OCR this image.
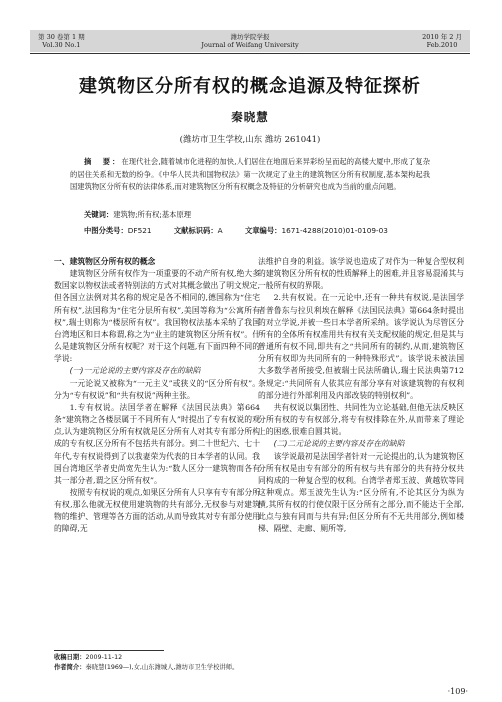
第 30 卷第 1 期
Vol.30 No.1
潍坊学院学报
Journal of Weifang University
2010 年 2 月
Feb.2010
建筑物区分所有权的概念追源及特征探析
秦晓慧
(潍坊市卫生学校,山东 潍坊 261041)
摘　要：在现代社会,随着城市化进程的加快,人们居住在地面后来异彩纷呈而起的高楼大厦中,形成了复杂的居住关系和无数的纷争。《中华人民共和国物权法》第一次规定了业主的建筑物区分所有权制度,基本架构起我国建筑物区分所有权的法律体系,而对建筑物区分所有权概念及特征的分析研究也成为当前的重点问题。
关键词：建筑物;所有权;基本原理
中图分类号：DF521	文献标识码：A	文章编号：1671-4288(2010)01-0109-03

一、建筑物区分所有权的概念

建筑物区分所有权作为一项重要的不动产所有权,绝大多数国家以物权法或者特别法的方式对其概念做出了明文规定,但各国立法例对其名称的规定是各不相同的,德国称为“住宅所有权”,法国称为“住宅分层所有权”,美国等称为“公寓所有权”,瑞士则称为“楼层所有权”。我国物权法基本采纳了我国台湾地区和日本称谓,称之为“业主的建筑物区分所有权”。什么是建筑物区分所有权呢？对于这个问题,有下面四种不同的学说:

(一)一元论说的主要内容及存在的缺陷

一元论说又被称为“一元主义”或狭义的“区分所有权”。分为“专有权说”和“共有权说”两种主张。

1.专有权说。法国学者在解释《法国民法典》第664条“建筑物之各楼层属于不同所有人”时提出了专有权说的观点,认为建筑物区分所有权就是区分所有人对其专有部分所构成的专有权,区分所有不包括共有部分。到二十世纪六、七十年代,专有权说得到了以我妻荣为代表的日本学者的认同。我国台湾地区学者史尚宽先生认为:“数人区分一建筑物而各有其一部分者,谓之区分所有权”。

按照专有权说的观点,如果区分所有人只享有专有部分所有权,那么他就无权使用建筑物的共有部分,无权参与对建筑物的维护、管理等各方面的活动,从而导致其对专有部分使用的障碍,无

法维护自身的利益。该学说也造成了对作为一种复合型权利的建筑物区分所有权的性质解释上的困难,并且容易混淆其与一般所有权的界限。

2.共有权说。在一元论中,还有一种共有权说,是法国学者普鲁东与拉贝利埃在解释《法国民法典》第664条时提出的对立学说,并被一些日本学者所采纳。该学说认为尽管区分所有的全体所有权准用共有权有关支配权能的规定,但是其与普通所有权不同,即共有之“共同所有的制约,从而,建筑物区分所有权即为共同所有的一种特殊形式”。该学说未被法国大多数学者所接受,但被瑞士民法所确认,瑞士民法典第712条规定:“共同所有人依其应有部分享有对该建筑物的有权利的部分进行外部利用及内部改装的特别权利”。

共有权说以集团性、共同性为立论基础,但他无法反映区分所有权的专有权部分,将专有权排除在外,从而带来了理论上的困惑,很难自圆其说。

(二)二元论说的主要内容及存在的缺陷

该学说最初是法国学者针对一元论提出的,认为建筑物区分所有权是由专有部分的所有权与共有部分的共有持分权共同构成的一种复合型的权利。台湾学者郑玉波、黄越钦等同这种观点。郑玉波先生认为:“区分所有,不论其区分为纵为横,其所有权的行使仅限于区分所有之部分,而不能达于全部,此点与独有同而与共有异;但区分所有不无共用部分,例如楼梯、隔壁、走廊、厕所等,

收稿日期：2009-11-12
作者简介：秦晓慧(1969—),女,山东潍城人,潍坊市卫生学校讲师。
·109·
